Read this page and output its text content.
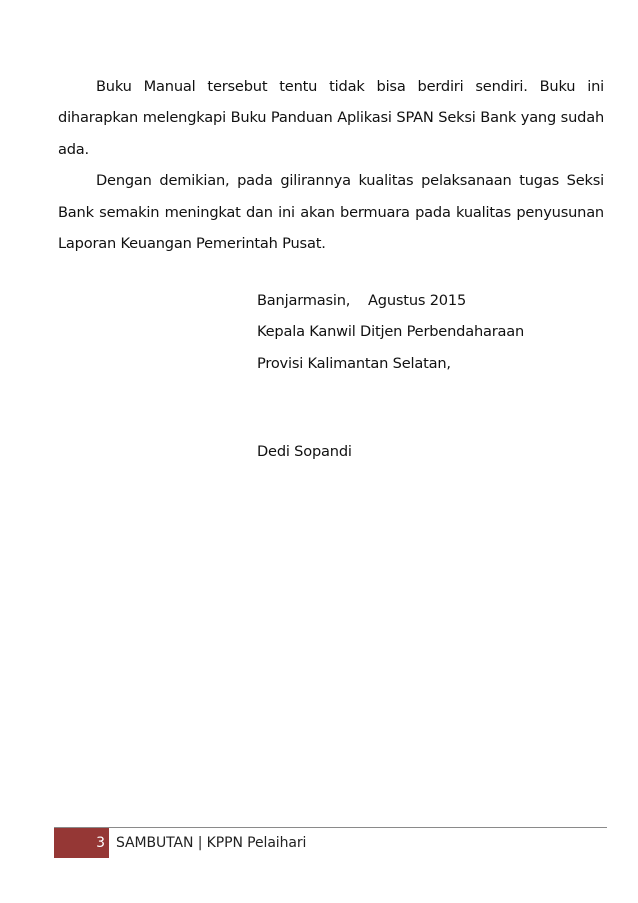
Buku Manual tersebut tentu tidak bisa berdiri sendiri. Buku ini diharapkan melengkapi Buku Panduan Aplikasi SPAN Seksi Bank yang sudah ada.

Dengan demikian, pada gilirannya kualitas pelaksanaan tugas Seksi Bank semakin meningkat dan ini akan bermuara pada kualitas penyusunan Laporan Keuangan Pemerintah Pusat.

Banjarmasin,    Agustus 2015
Kepala Kanwil Ditjen Perbendaharaan
Provisi Kalimantan Selatan,
Dedi Sopandi
3 SAMBUTAN | KPPN Pelaihari
